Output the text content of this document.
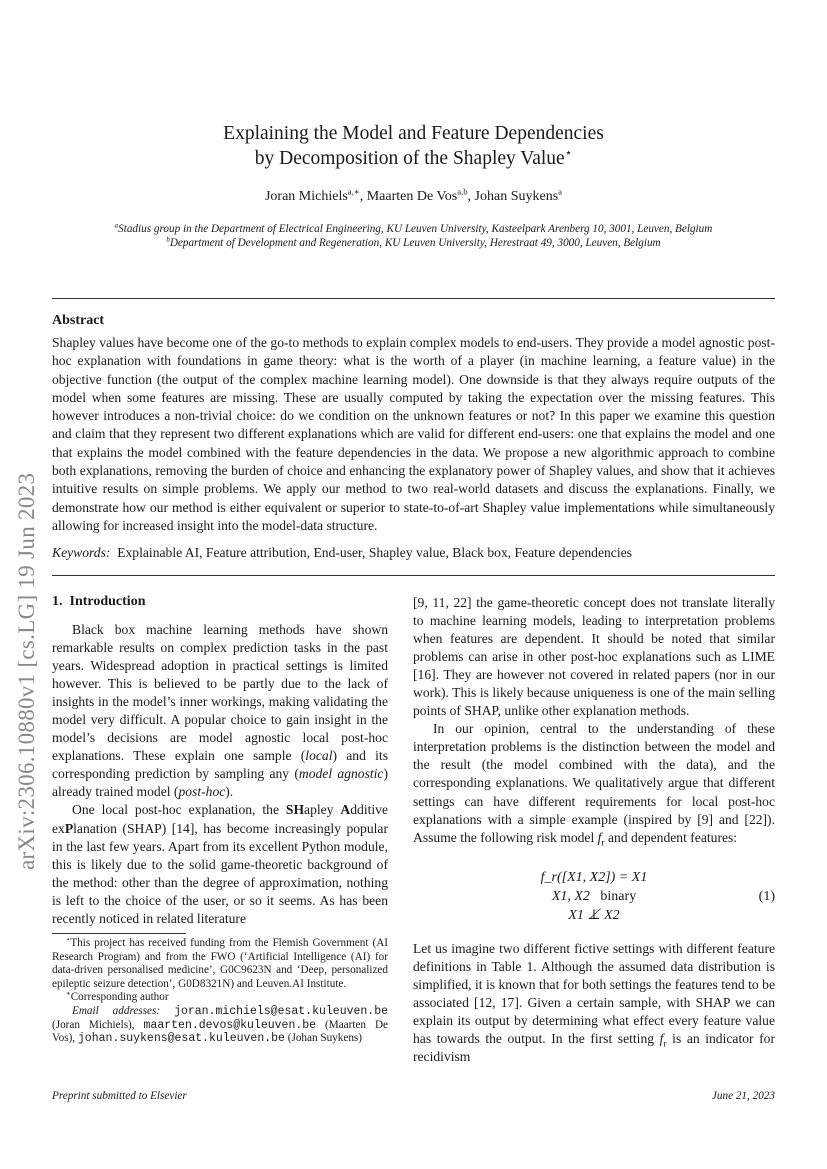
arXiv:2306.10880v1 [cs.LG] 19 Jun 2023
Explaining the Model and Feature Dependencies
by Decomposition of the Shapley Value⋆
Joran Michiels$^{a,∗}$, Maarten De Vos$^{a,b}$, Johan Suykens$^a$
$^a$Stadius group in the Department of Electrical Engineering, KU Leuven University, Kasteelpark Arenberg 10, 3001, Leuven, Belgium
$^b$Department of Development and Regeneration, KU Leuven University, Herestraat 49, 3000, Leuven, Belgium
Abstract

Shapley values have become one of the go-to methods to explain complex models to end-users. They provide a model agnostic post-hoc explanation with foundations in game theory: what is the worth of a player (in machine learning, a feature value) in the objective function (the output of the complex machine learning model). One downside is that they always require outputs of the model when some features are missing. These are usually computed by taking the expectation over the missing features. This however introduces a non-trivial choice: do we condition on the unknown features or not? In this paper we examine this question and claim that they represent two different explanations which are valid for different end-users: one that explains the model and one that explains the model combined with the feature dependencies in the data. We propose a new algorithmic approach to combine both explanations, removing the burden of choice and enhancing the explanatory power of Shapley values, and show that it achieves intuitive results on simple problems. We apply our method to two real-world datasets and discuss the explanations. Finally, we demonstrate how our method is either equivalent or superior to state-to-of-art Shapley value implementations while simultaneously allowing for increased insight into the model-data structure.

Keywords: Explainable AI, Feature attribution, End-user, Shapley value, Black box, Feature dependencies
1. Introduction

Black box machine learning methods have shown remarkable results on complex prediction tasks in the past years. Widespread adoption in practical settings is limited however. This is believed to be partly due to the lack of insights in the model’s inner workings, making validating the model very difficult. A popular choice to gain insight in the model’s decisions are model agnostic local post-hoc explanations. These explain one sample (local) and its corresponding prediction by sampling any (model agnostic) already trained model (post-hoc).

One local post-hoc explanation, the SHapley Additive exPlanation (SHAP) [14], has become increasingly popular in the last few years. Apart from its excellent Python module, this is likely due to the solid game-theoretic background of the method: other than the degree of approximation, nothing is left to the choice of the user, or so it seems. As has been recently noticed in related literature

[9, 11, 22] the game-theoretic concept does not translate literally to machine learning models, leading to interpretation problems when features are dependent. It should be noted that similar problems can arise in other post-hoc explanations such as LIME [16]. They are however not covered in related papers (nor in our work). This is likely because uniqueness is one of the main selling points of SHAP, unlike other explanation methods.

In our opinion, central to the understanding of these interpretation problems is the distinction between the model and the result (the model combined with the data), and the corresponding explanations. We qualitatively argue that different settings can have different requirements for local post-hoc explanations with a simple example (inspired by [9] and [22]). Assume the following risk model $f_r$ and dependent features:

f_r([X1, X2]) = X1
X1, X2 binary
X1 ⊥̸ X2
(1)

Let us imagine two different fictive settings with different feature definitions in Table 1. Although the assumed data distribution is simplified, it is known that for both settings the features tend to be associated [12, 17]. Given a certain sample, with SHAP we can explain its output by determining what effect every feature value has towards the output. In the first setting $f_r$ is an indicator for recidivism

⋆This project has received funding from the Flemish Government (AI Research Program) and from the FWO (‘Artificial Intelligence (AI) for data-driven personalised medicine’, G0C9623N and ‘Deep, personalized epileptic seizure detection’, G0D8321N) and Leuven.AI Institute.

∗Corresponding author

Email addresses: joran.michiels@esat.kuleuven.be (Joran Michiels), maarten.devos@kuleuven.be (Maarten De Vos), johan.suykens@esat.kuleuven.be (Johan Suykens)

Preprint submitted to Elsevier	June 21, 2023
